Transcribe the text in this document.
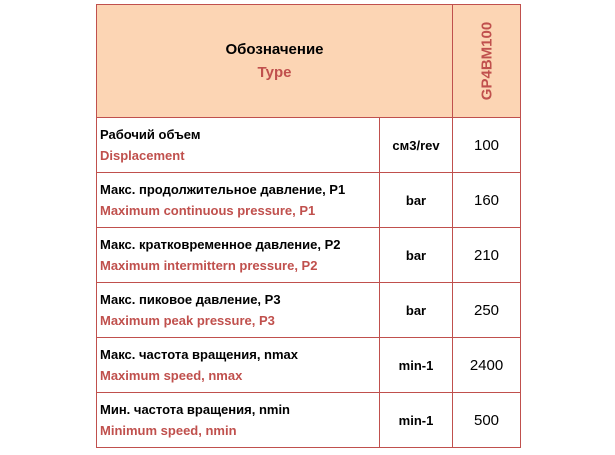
Обозначение
Type		GP4BM100

Рабочий объем
Displacement	см3/rev	100

Макс. продолжительное давление, P1
Maximum continuous pressure, P1	bar	160

Макс. кратковременное давление, P2
Maximum intermittern pressure, P2	bar	210

Макс. пиковое давление, P3
Maximum peak pressure, P3	bar	250

Макс. частота вращения, nmax
Maximum speed, nmax	min-1	2400

Мин. частота вращения, nmin
Minimum speed, nmin	min-1	500
